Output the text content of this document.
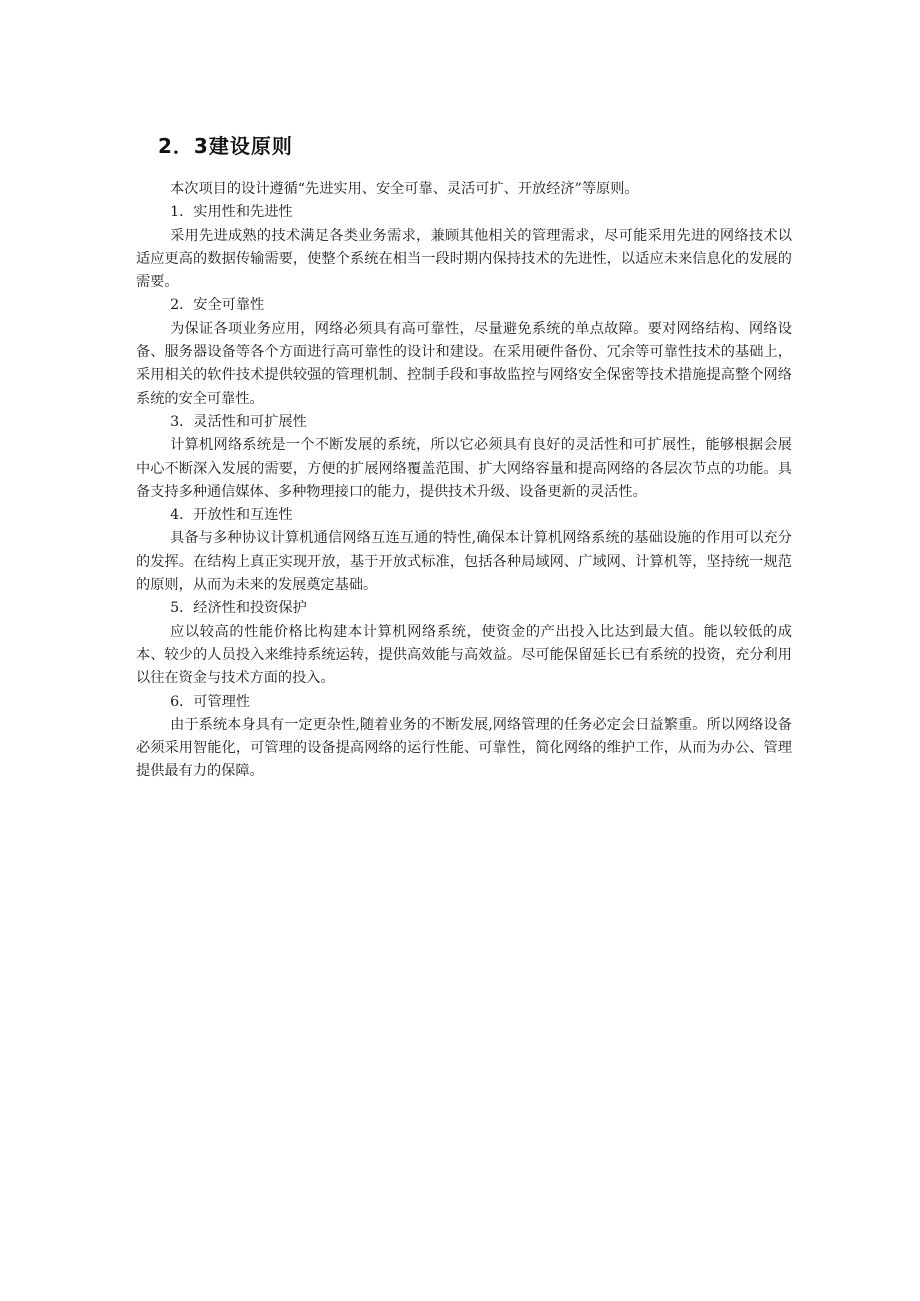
2．3建设原则

本次项目的设计遵循“先进实用、安全可靠、灵活可扩、开放经济”等原则。

1．实用性和先进性

采用先进成熟的技术满足各类业务需求，兼顾其他相关的管理需求，尽可能采用先进的网络技术以适应更高的数据传输需要，使整个系统在相当一段时期内保持技术的先进性，以适应未来信息化的发展的需要。

2．安全可靠性

为保证各项业务应用，网络必须具有高可靠性，尽量避免系统的单点故障。要对网络结构、网络设备、服务器设备等各个方面进行高可靠性的设计和建设。在采用硬件备份、冗余等可靠性技术的基础上，采用相关的软件技术提供较强的管理机制、控制手段和事故监控与网络安全保密等技术措施提高整个网络系统的安全可靠性。

3．灵活性和可扩展性

计算机网络系统是一个不断发展的系统，所以它必须具有良好的灵活性和可扩展性，能够根据会展中心不断深入发展的需要，方便的扩展网络覆盖范围、扩大网络容量和提高网络的各层次节点的功能。具备支持多种通信媒体、多种物理接口的能力，提供技术升级、设备更新的灵活性。

4．开放性和互连性

具备与多种协议计算机通信网络互连互通的特性,确保本计算机网络系统的基础设施的作用可以充分的发挥。在结构上真正实现开放，基于开放式标准，包括各种局域网、广域网、计算机等，坚持统一规范的原则，从而为未来的发展奠定基础。

5．经济性和投资保护

应以较高的性能价格比构建本计算机网络系统，使资金的产出投入比达到最大值。能以较低的成本、较少的人员投入来维持系统运转，提供高效能与高效益。尽可能保留延长已有系统的投资，充分利用以往在资金与技术方面的投入。

6．可管理性

由于系统本身具有一定更杂性,随着业务的不断发展,网络管理的任务必定会日益繁重。所以网络设备必须采用智能化，可管理的设备提高网络的运行性能、可靠性，简化网络的维护工作，从而为办公、管理提供最有力的保障。
